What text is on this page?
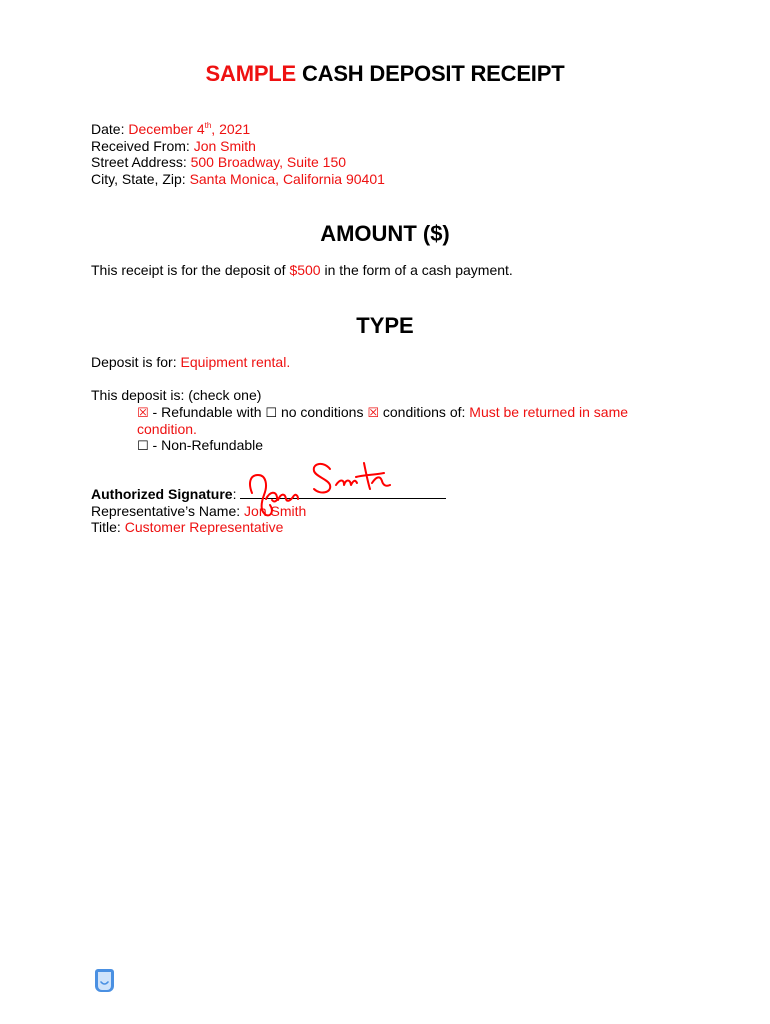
SAMPLE CASH DEPOSIT RECEIPT
Date: December 4th, 2021
Received From: Jon Smith
Street Address: 500 Broadway, Suite 150
City, State, Zip: Santa Monica, California 90401
AMOUNT ($)
This receipt is for the deposit of $500 in the form of a cash payment.
TYPE
Deposit is for: Equipment rental.
This deposit is: (check one)
☒ - Refundable with ☐ no conditions ☒ conditions of: Must be returned in same condition.
☐ - Non-Refundable
Authorized Signature:
Representative’s Name: Jon Smith
Title: Customer Representative
